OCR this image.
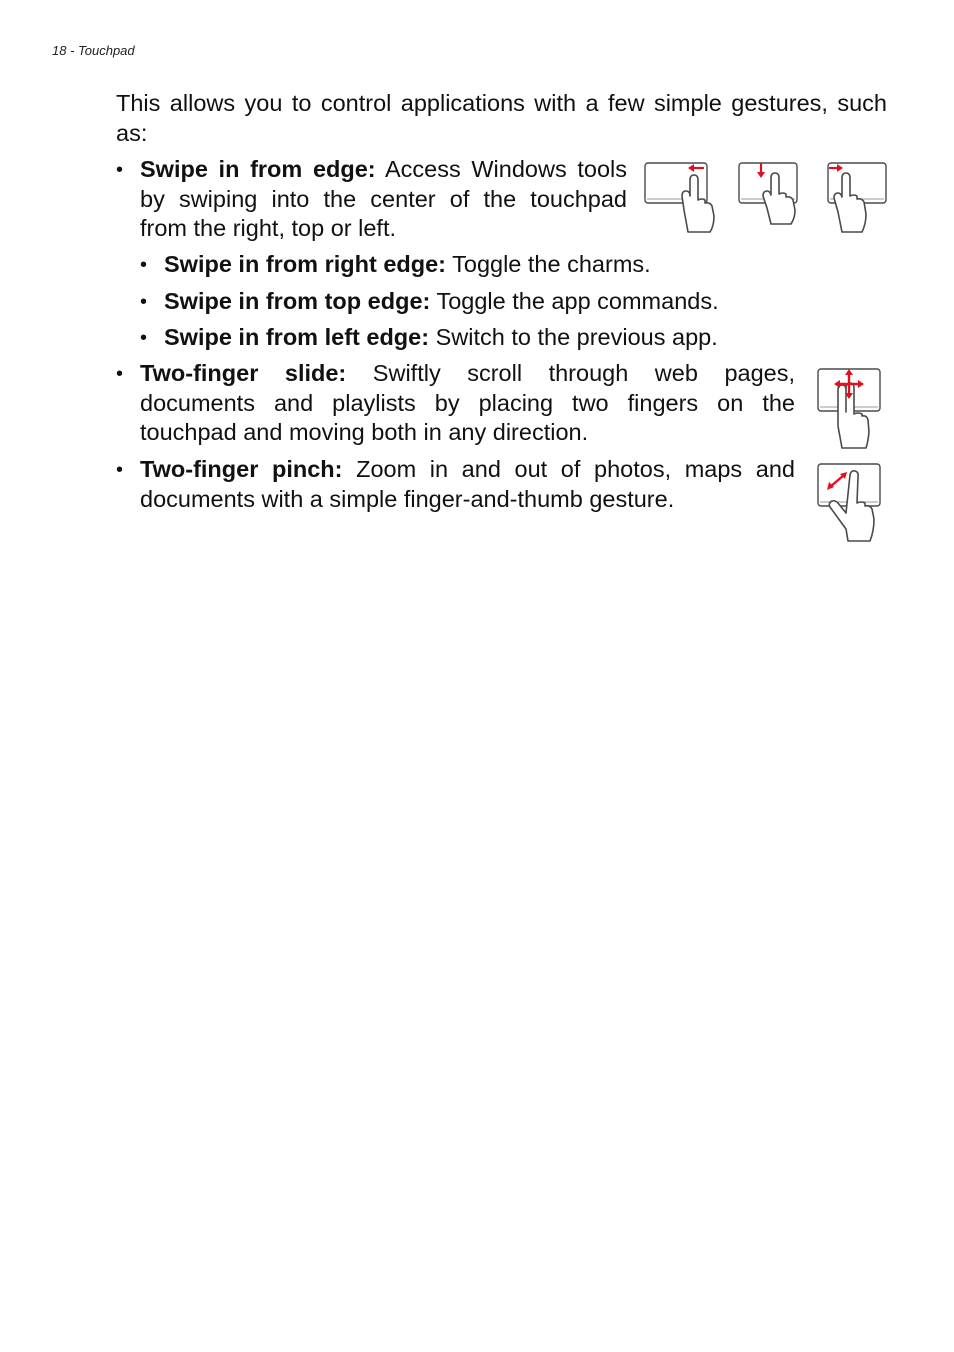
18 - Touchpad
This allows you to control applications with a few simple gestures, such as:
• Swipe in from edge: Access Windows tools by swiping into the center of the touchpad from the right, top or left.
• Swipe in from right edge: Toggle the charms.
• Swipe in from top edge: Toggle the app commands.
• Swipe in from left edge: Switch to the previous app.
• Two-finger slide: Swiftly scroll through web pages, documents and playlists by placing two fingers on the touchpad and moving both in any direction.
• Two-finger pinch: Zoom in and out of photos, maps and documents with a simple finger-and-thumb gesture.
